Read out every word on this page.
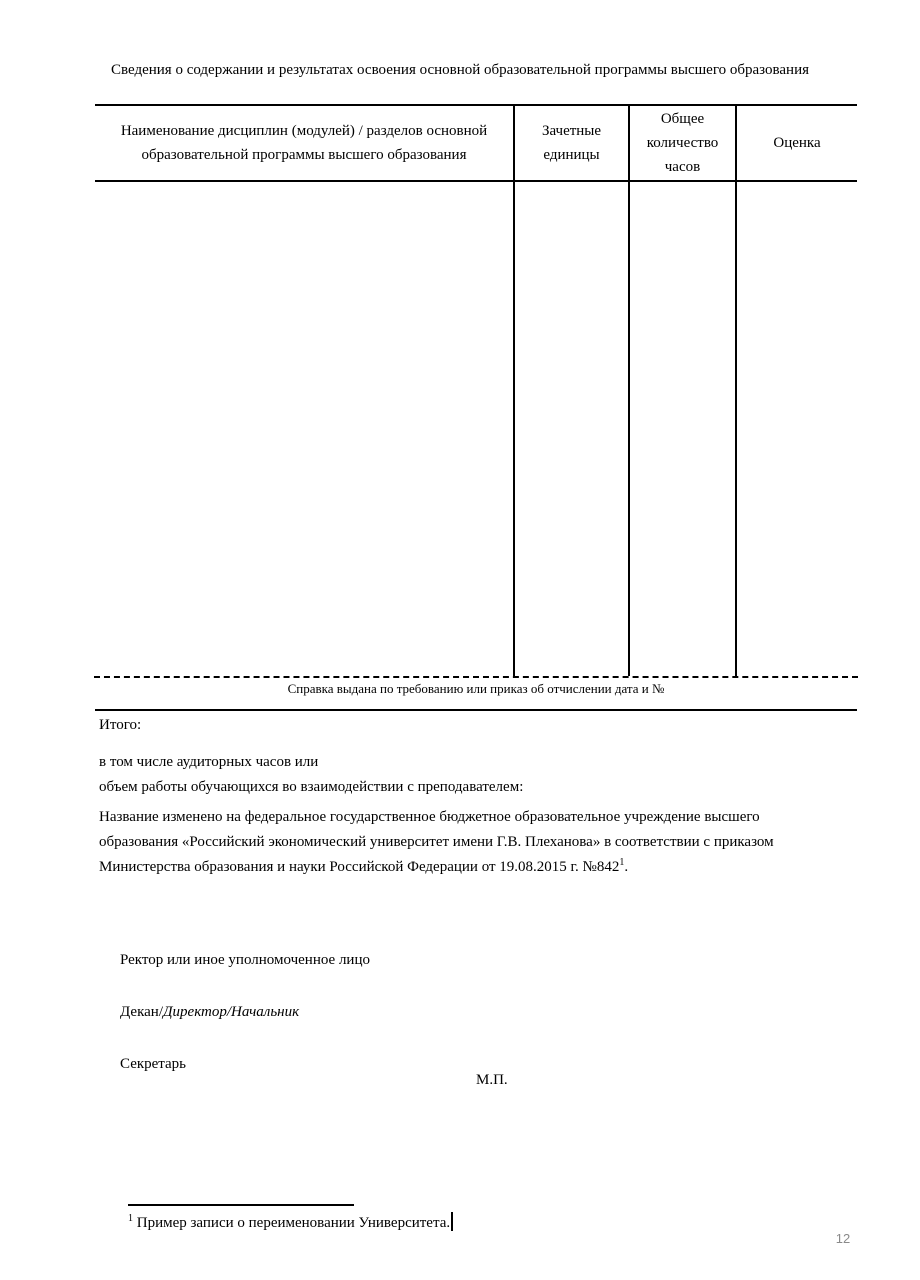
Сведения о содержании и результатах освоения основной образовательной программы высшего образования
Наименование дисциплин (модулей) / разделов основной образовательной программы высшего образования
Зачетные единицы
Общее количество часов
Оценка
Справка выдана по требованию или приказ об отчислении дата и №
Итого:
в том числе аудиторных часов или
объем работы обучающихся во взаимодействии с преподавателем:
Название изменено на федеральное государственное бюджетное образовательное учреждение высшего
образования «Российский экономический университет имени Г.В. Плеханова» в соответствии с приказом
Министерства образования и науки Российской Федерации от 19.08.2015 г. №842$^1$.
Ректор или иное уполномоченное лицо
Декан/Директор/Начальник
Секретарь
М.П.
$^1$ Пример записи о переименовании Университета.
12
